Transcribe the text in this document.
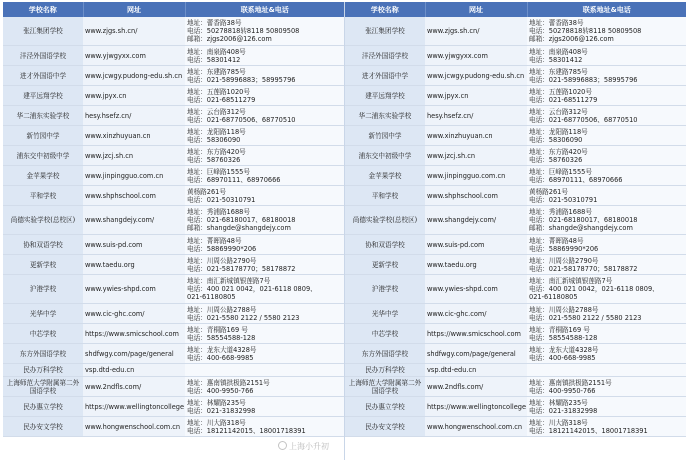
学校名称	网址	联系地址&电话
张江集团学校	www.zjgs.sh.cn/	地址：蕾香路38号
电话：50278818转8118 50809508
邮箱：zjgs2006@126.com

洋泾外国语学校	www.yjwgyxx.com	地址：南泉路408号
电话：58301412

进才外国语中学	www.jcwgy.pudong-edu.sh.cn	地址：东建路785号
电话：021-58996883；58995796

建平远翔学校	www.jpyx.cn	地址：五莲路1020号
电话：021-68511279

华二浦东实验学校	hesy.hsefz.cn/	地址：云台路312号
电话：021-68770506、68770510

新竹园中学	www.xinzhuyuan.cn	地址：龙阳路118号
电话：58306090

浦东交中初级中学	www.jzcj.sh.cn	地址：东方路420号
电话：58760326

金苹果学校	www.jinpingguo.com.cn	地址：巨峰路1555号
电话：68970111、68970666

平和学校	www.shphschool.com	黄杨路261号
电话：021-50310791

尚德实验学校(总校区)	www.shangdejy.com/	地址：秀浦路1688号
电话：021-68180017、68180018
邮箱：shangde@shangdejy.com

协和双语学校	www.suis-pd.com	地址：菁晖路48号
电话：58869990*206

更新学校	www.taedu.org	地址：川周公路2790号
电话：021-58178770；58178872

沪港学校	www.ywies-shpd.com	地址：南汇新城镇银莲路7号
电话：400 021 0042，021-6118 0809、
021-61180805

光华中学	www.cic-ghc.com/	地址：川周公路2788号
电话：021-5580 2122 / 5580 2123

中芯学校	https://www.smicschool.com	地址：青桐路169 号
电话：58554588-128

东方外国语学校	shdfwgy.com/page/general	地址：龙东大道4328号
电话：400-668-9985

民办万科学校	vsp.dtd-edu.cn	
上海师范大学附属第二外国语学校	www.2ndfls.com/	地址：惠南镇拱极路2151号
电话：400-9950-766

民办惠立学校	https://www.wellingtoncollege	地址：林耀路235号
电话：021-31832998

民办安文学校	www.hongwenschool.com.cn	地址：川大路318号
电话：18121142015、18001718391
学校名称	网址	联系地址&电话
张江集团学校	www.zjgs.sh.cn/	地址：蕾香路38号
电话：50278818转8118 50809508
邮箱：zjgs2006@126.com

洋泾外国语学校	www.yjwgyxx.com	地址：南泉路408号
电话：58301412

进才外国语中学	www.jcwgy.pudong-edu.sh.cn	地址：东建路785号
电话：021-58996883；58995796

建平远翔学校	www.jpyx.cn	地址：五莲路1020号
电话：021-68511279

华二浦东实验学校	hesy.hsefz.cn/	地址：云台路312号
电话：021-68770506、68770510

新竹园中学	www.xinzhuyuan.cn	地址：龙阳路118号
电话：58306090

浦东交中初级中学	www.jzcj.sh.cn	地址：东方路420号
电话：58760326

金苹果学校	www.jinpingguo.com.cn	地址：巨峰路1555号
电话：68970111、68970666

平和学校	www.shphschool.com	黄杨路261号
电话：021-50310791

尚德实验学校(总校区)	www.shangdejy.com/	地址：秀浦路1688号
电话：021-68180017、68180018
邮箱：shangde@shangdejy.com

协和双语学校	www.suis-pd.com	地址：菁晖路48号
电话：58869990*206

更新学校	www.taedu.org	地址：川周公路2790号
电话：021-58178770；58178872

沪港学校	www.ywies-shpd.com	地址：南汇新城镇银莲路7号
电话：400 021 0042，021-6118 0809、
021-61180805

光华中学	www.cic-ghc.com/	地址：川周公路2788号
电话：021-5580 2122 / 5580 2123

中芯学校	https://www.smicschool.com	地址：青桐路169 号
电话：58554588-128

东方外国语学校	shdfwgy.com/page/general	地址：龙东大道4328号
电话：400-668-9985

民办万科学校	vsp.dtd-edu.cn	
上海师范大学附属第二外国语学校	www.2ndfls.com/	地址：惠南镇拱极路2151号
电话：400-9950-766

民办惠立学校	https://www.wellingtoncollege	地址：林耀路235号
电话：021-31832998

民办安文学校	www.hongwenschool.com.cn	地址：川大路318号
电话：18121142015、18001718391
上海小升初
